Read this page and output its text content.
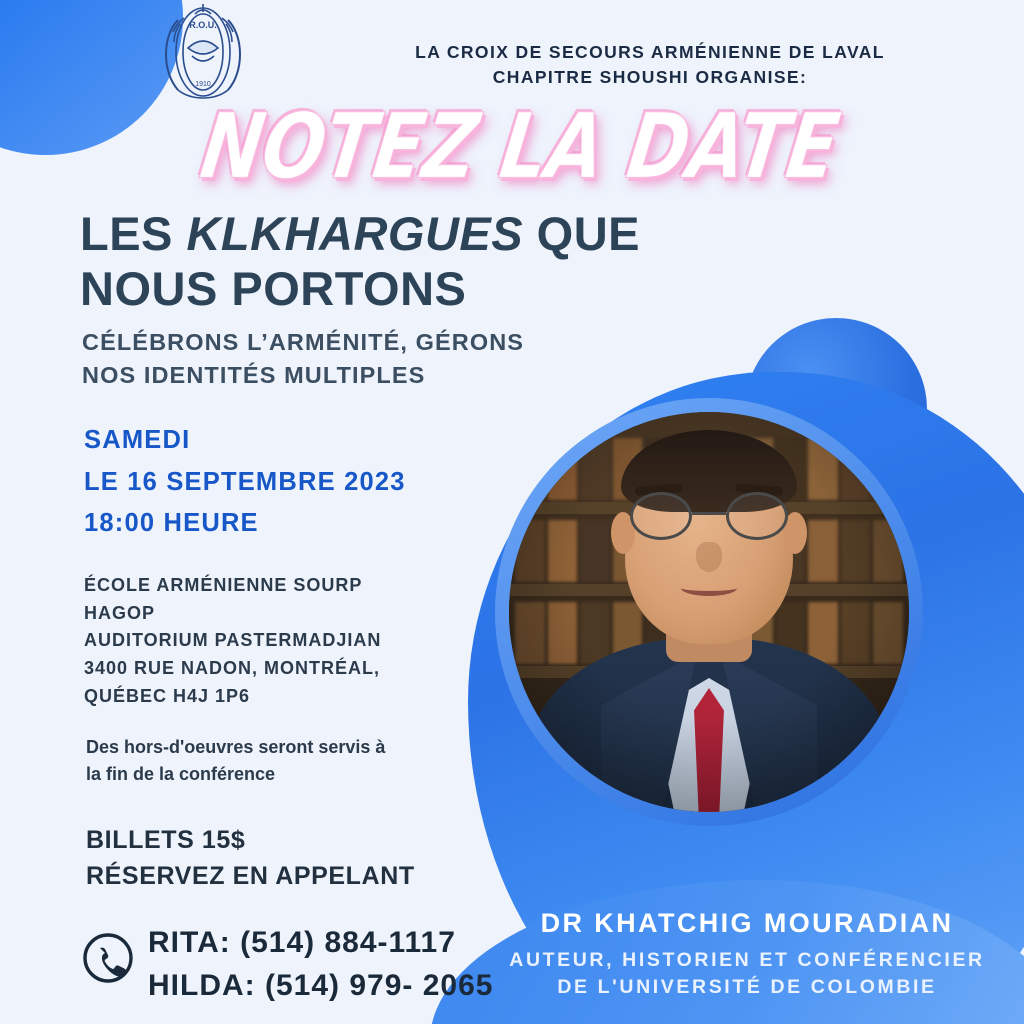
R.O.U.
1910
LA CROIX DE SECOURS ARMÉNIENNE DE LAVAL
CHAPITRE SHOUSHI ORGANISE:
NOTEZ LA DATE
LES KLKHARGUES QUE
NOUS PORTONS
CÉLÉBRONS L’ARMÉNITÉ, GÉRONS
NOS IDENTITÉS MULTIPLES
SAMEDI
LE 16 SEPTEMBRE 2023
18:00 HEURE
ÉCOLE ARMÉNIENNE SOURP
HAGOP
AUDITORIUM PASTERMADJIAN
3400 RUE NADON, MONTRÉAL,
QUÉBEC H4J 1P6
Des hors-d'oeuvres seront servis à
la fin de la conférence
BILLETS 15$
RÉSERVEZ EN APPELANT
RITA: (514) 884-1117
HILDA: (514) 979- 2065
DR KHATCHIG MOURADIAN
AUTEUR, HISTORIEN ET CONFÉRENCIER
DE L'UNIVERSITÉ DE COLOMBIE
